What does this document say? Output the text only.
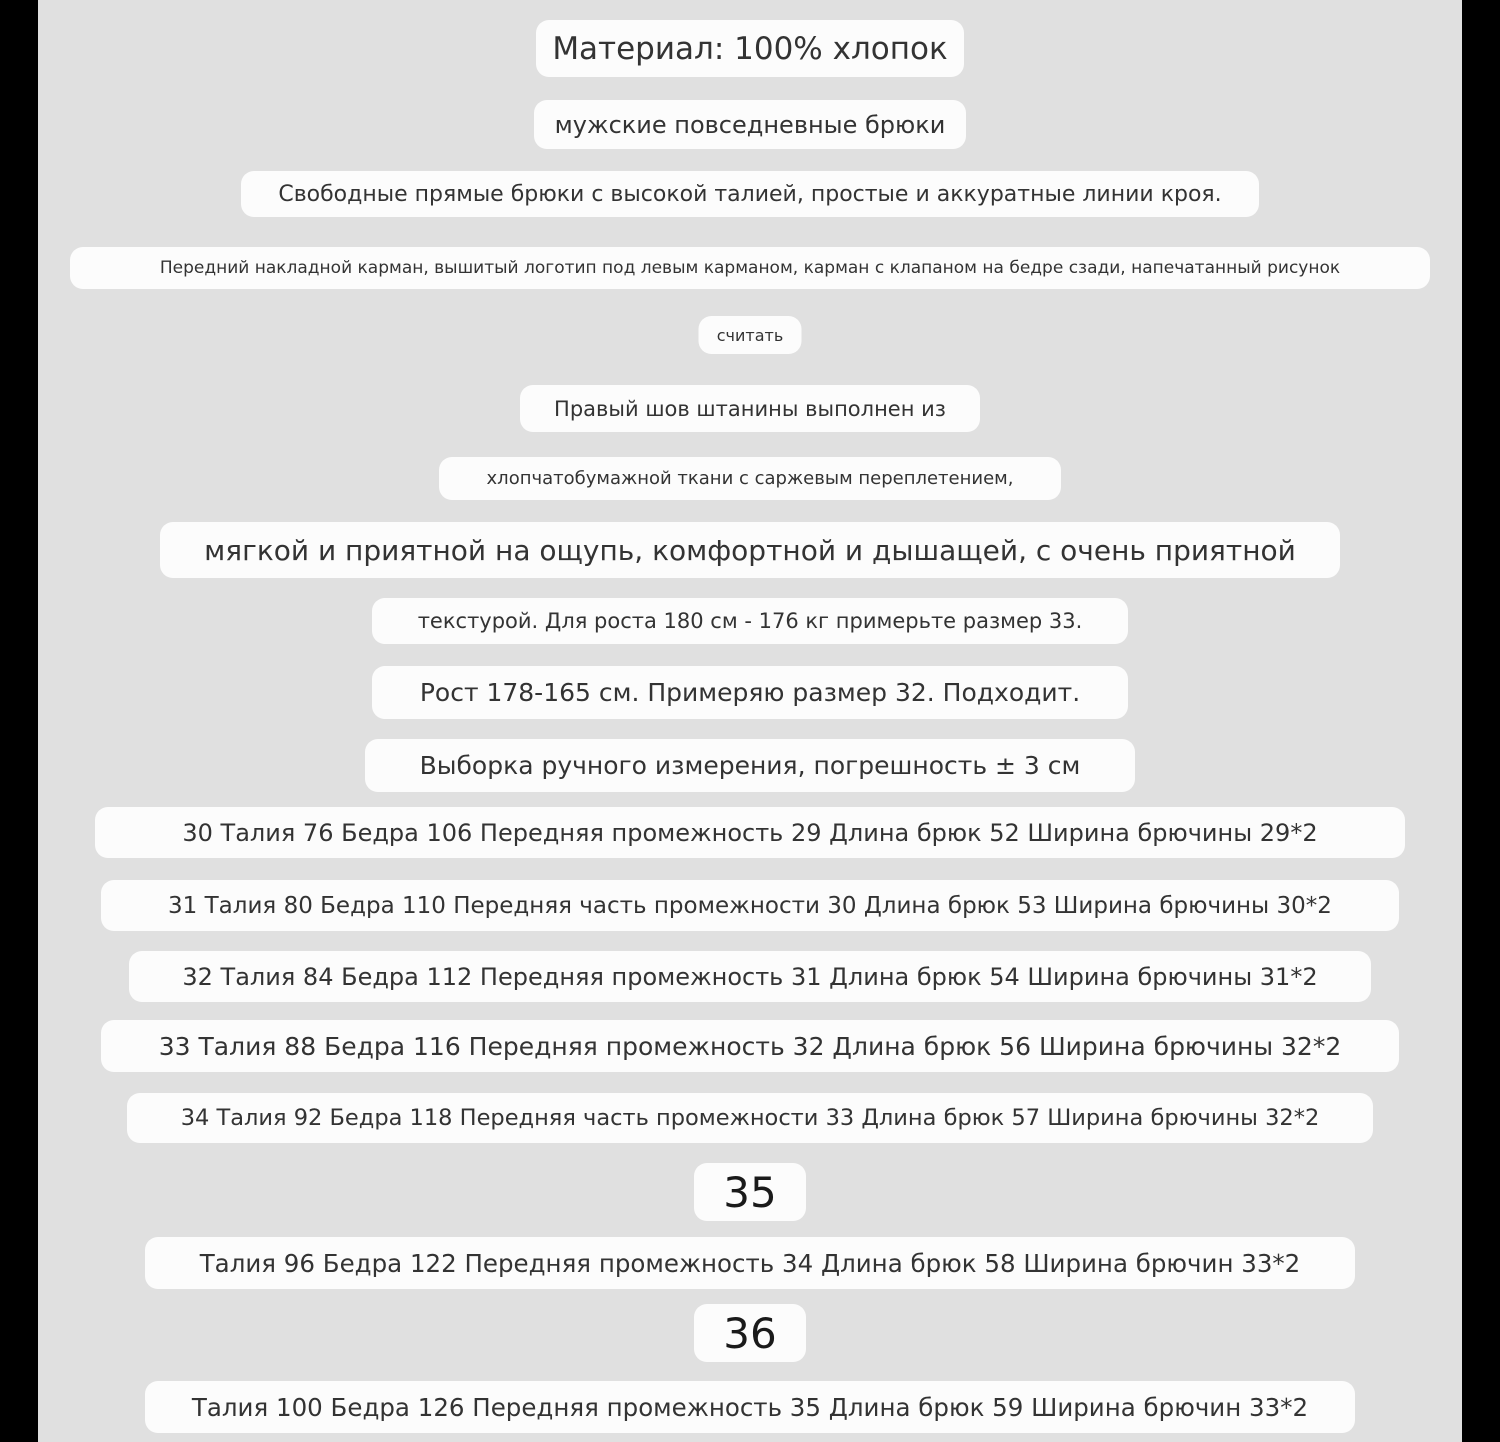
Материал: 100% хлопок
мужские повседневные брюки
Свободные прямые брюки с высокой талией, простые и аккуратные линии кроя.
Передний накладной карман, вышитый логотип под левым карманом, карман с клапаном на бедре сзади, напечатанный рисунок
считать
Правый шов штанины выполнен из
хлопчатобумажной ткани с саржевым переплетением,
мягкой и приятной на ощупь, комфортной и дышащей, с очень приятной
текстурой. Для роста 180 см - 176 кг примерьте размер 33.
Рост 178-165 см. Примеряю размер 32. Подходит.
Выборка ручного измерения, погрешность ± 3 см
30 Талия 76 Бедра 106 Передняя промежность 29 Длина брюк 52 Ширина брючины 29*2
31 Талия 80 Бедра 110 Передняя часть промежности 30 Длина брюк 53 Ширина брючины 30*2
32 Талия 84 Бедра 112 Передняя промежность 31 Длина брюк 54 Ширина брючины 31*2
33 Талия 88 Бедра 116 Передняя промежность 32 Длина брюк 56 Ширина брючины 32*2
34 Талия 92 Бедра 118 Передняя часть промежности 33 Длина брюк 57 Ширина брючины 32*2
35
Талия 96 Бедра 122 Передняя промежность 34 Длина брюк 58 Ширина брючин 33*2
36
Талия 100 Бедра 126 Передняя промежность 35 Длина брюк 59 Ширина брючин 33*2
